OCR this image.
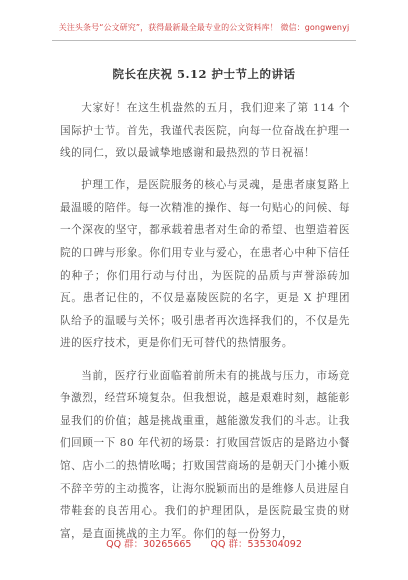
关注头条号“公文研究”，获得最新最全最专业的公文资料库！ 微信：gongwenyj
院长在庆祝 5.12 护士节上的讲话

大家好！在这生机盎然的五月，我们迎来了第 114 个国际护士节。首先，我谨代表医院，向每一位奋战在护理一线的同仁，致以最诚挚地感谢和最热烈的节日祝福！

护理工作，是医院服务的核心与灵魂，是患者康复路上最温暖的陪伴。每一次精准的操作、每一句贴心的问候、每一个深夜的坚守，都承载着患者对生命的希望、也塑造着医院的口碑与形象。你们用专业与爱心，在患者心中种下信任的种子；你们用行动与付出，为医院的品质与声誉添砖加瓦。患者记住的，不仅是嘉陵医院的名字，更是 X 护理团队给予的温暖与关怀；吸引患者再次选择我们的，不仅是先进的医疗技术，更是你们无可替代的热情服务。

当前，医疗行业面临着前所未有的挑战与压力，市场竞争激烈，经营环境复杂。但我想说，越是艰难时刻，越能彰显我们的价值；越是挑战重重，越能激发我们的斗志。让我们回顾一下 80 年代初的场景：打败国营饭店的是路边小餐馆、店小二的热情吆喝；打败国营商场的是朝天门小摊小贩不辞辛劳的主动揽客，让海尔脱颖而出的是维修人员进屋自带鞋套的良苦用心。我们的护理团队，是医院最宝贵的财富，是直面挑战的主力军。你们的每一份努力，

QQ 群：30265665 QQ 群：535304092
